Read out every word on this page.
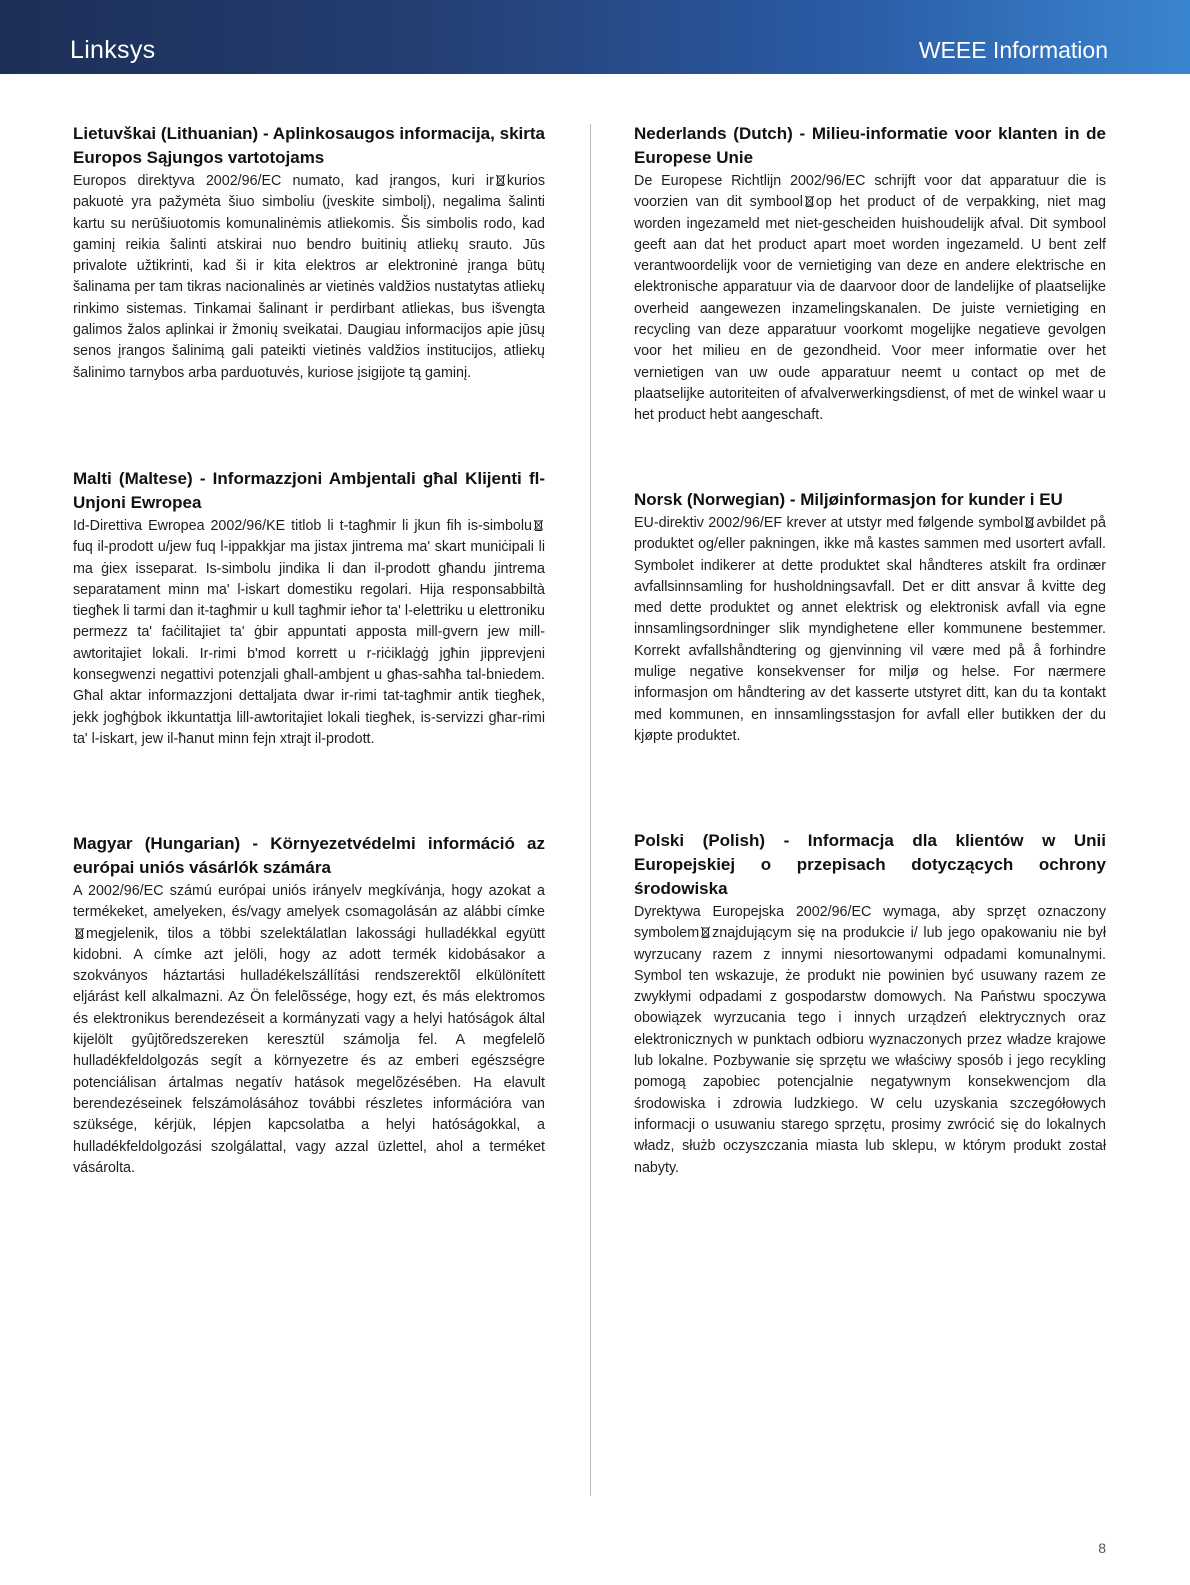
Linksys	WEEE Information
Lietuvškai (Lithuanian) - Aplinkosaugos informacija, skirta Europos Sąjungos vartotojams

Europos direktyva 2002/96/EC numato, kad įrangos, kuri ir kurios pakuotė yra pažymėta šiuo simboliu (įveskite simbolį), negalima šalinti kartu su nerūšiuotomis komunalinėmis atliekomis. Šis simbolis rodo, kad gaminį reikia šalinti atskirai nuo bendro buitinių atliekų srauto. Jūs privalote užtikrinti, kad ši ir kita elektros ar elektroninė įranga būtų šalinama per tam tikras nacionalinės ar vietinės valdžios nustatytas atliekų rinkimo sistemas. Tinkamai šalinant ir perdirbant atliekas, bus išvengta galimos žalos aplinkai ir žmonių sveikatai. Daugiau informacijos apie jūsų senos įrangos šalinimą gali pateikti vietinės valdžios institucijos, atliekų šalinimo tarnybos arba parduotuvės, kuriose įsigijote tą gaminį.

Malti (Maltese) - Informazzjoni Ambjentali għal Klijenti fl-Unjoni Ewropea

Id-Direttiva Ewropea 2002/96/KE titlob li t-tagħmir li jkun fih is-simbolufuq il-prodott u/jew fuq l-ippakkjar ma jistax jintrema ma' skart muniċipali li ma ġiex isseparat. Is-simbolu jindika li dan il-prodott għandu jintrema separatament minn ma' l-iskart domestiku regolari. Hija responsabbiltà tiegħek li tarmi dan it-tagħmir u kull tagħmir ieħor ta' l-elettriku u elettroniku permezz ta' faċilitajiet ta' ġbir appuntati apposta mill-gvern jew mill-awtoritajiet lokali. Ir-rimi b'mod korrett u r-riċiklaġġ jgħin jipprevjeni konsegwenzi negattivi potenzjali għall-ambjent u għas-saħħa tal-bniedem. Għal aktar informazzjoni dettaljata dwar ir-rimi tat-tagħmir antik tiegħek, jekk jogħġbok ikkuntattja lill-awtoritajiet lokali tiegħek, is-servizzi għar-rimi ta' l-iskart, jew il-ħanut minn fejn xtrajt il-prodott.

Magyar (Hungarian) - Környezetvédelmi információ az európai uniós vásárlók számára

A 2002/96/EC számú európai uniós irányelv megkívánja, hogy azokat a termékeket, amelyeken, és/vagy amelyek csomagolásán az alábbi címkemegjelenik, tilos a többi szelektálatlan lakossági hulladékkal együtt kidobni. A címke azt jelöli, hogy az adott termék kidobásakor a szokványos háztartási hulladékelszállítási rendszerektõl elkülönített eljárást kell alkalmazni. Az Ön felelõssége, hogy ezt, és más elektromos és elektronikus berendezéseit a kormányzati vagy a helyi hatóságok által kijelölt gyûjtõredszereken keresztül számolja fel. A megfelelõ hulladékfeldolgozás segít a környezetre és az emberi egészségre potenciálisan ártalmas negatív hatások megelõzésében. Ha elavult berendezéseinek felszámolásához további részletes információra van szüksége, kérjük, lépjen kapcsolatba a helyi hatóságokkal, a hulladékfeldolgozási szolgálattal, vagy azzal üzlettel, ahol a terméket vásárolta.

Nederlands (Dutch) - Milieu-informatie voor klanten in de Europese Unie

De Europese Richtlijn 2002/96/EC schrijft voor dat apparatuur die is voorzien van dit symbool op het product of de verpakking, niet mag worden ingezameld met niet-gescheiden huishoudelijk afval. Dit symbool geeft aan dat het product apart moet worden ingezameld. U bent zelf verantwoordelijk voor de vernietiging van deze en andere elektrische en elektronische apparatuur via de daarvoor door de landelijke of plaatselijke overheid aangewezen inzamelingskanalen. De juiste vernietiging en recycling van deze apparatuur voorkomt mogelijke negatieve gevolgen voor het milieu en de gezondheid. Voor meer informatie over het vernietigen van uw oude apparatuur neemt u contact op met de plaatselijke autoriteiten of afvalverwerkingsdienst, of met de winkel waar u het product hebt aangeschaft.

Norsk (Norwegian) - Miljøinformasjon for kunder i EU

EU-direktiv 2002/96/EF krever at utstyr med følgende symbol avbildet på produktet og/eller pakningen, ikke må kastes sammen med usortert avfall. Symbolet indikerer at dette produktet skal håndteres atskilt fra ordinær avfallsinnsamling for husholdningsavfall. Det er ditt ansvar å kvitte deg med dette produktet og annet elektrisk og elektronisk avfall via egne innsamlingsordninger slik myndighetene eller kommunene bestemmer. Korrekt avfallshåndtering og gjenvinning vil være med på å forhindre mulige negative konsekvenser for miljø og helse. For nærmere informasjon om håndtering av det kasserte utstyret ditt, kan du ta kontakt med kommunen, en innsamlingsstasjon for avfall eller butikken der du kjøpte produktet.

Polski (Polish) - Informacja dla klientów w Unii Europejskiej o przepisach dotyczących ochrony środowiska

Dyrektywa Europejska 2002/96/EC wymaga, aby sprzęt oznaczony symbolem znajdującym się na produkcie i/ lub jego opakowaniu nie był wyrzucany razem z innymi niesortowanymi odpadami komunalnymi. Symbol ten wskazuje, że produkt nie powinien być usuwany razem ze zwykłymi odpadami z gospodarstw domowych. Na Państwu spoczywa obowiązek wyrzucania tego i innych urządzeń elektrycznych oraz elektronicznych w punktach odbioru wyznaczonych przez władze krajowe lub lokalne. Pozbywanie się sprzętu we właściwy sposób i jego recykling pomogą zapobiec potencjalnie negatywnym konsekwencjom dla środowiska i zdrowia ludzkiego. W celu uzyskania szczegółowych informacji o usuwaniu starego sprzętu, prosimy zwrócić się do lokalnych władz, służb oczyszczania miasta lub sklepu, w którym produkt został nabyty.

8
